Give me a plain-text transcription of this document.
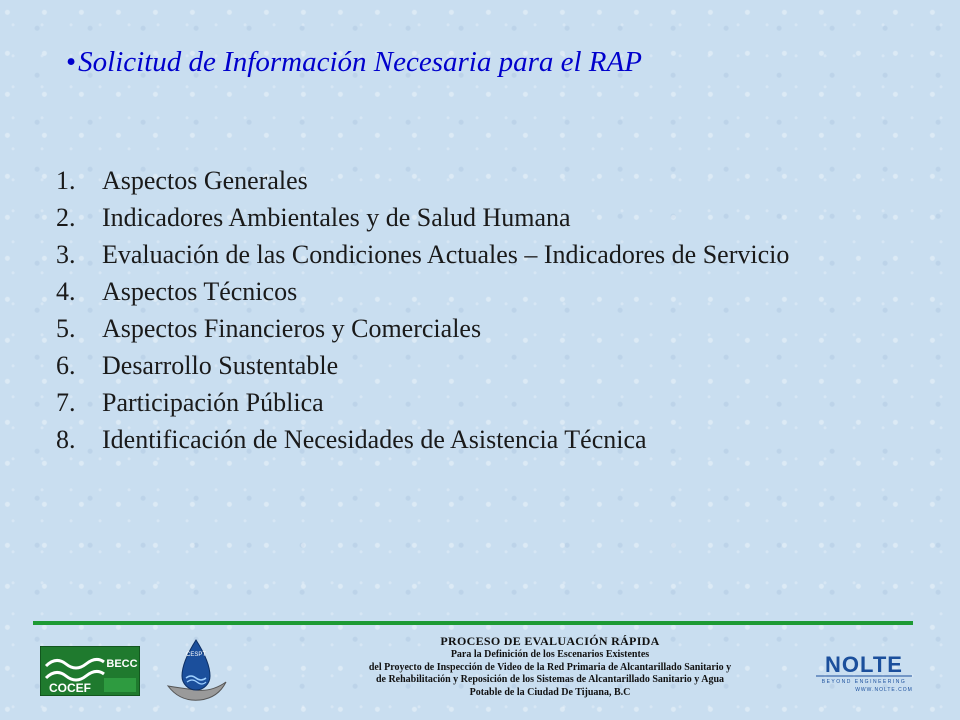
•Solicitud de Información Necesaria para el RAP
1.	Aspectos Generales
2.	Indicadores Ambientales y de Salud Humana
3.	Evaluación de las Condiciones Actuales – Indicadores de Servicio
4.	Aspectos Técnicos
5.	Aspectos Financieros y Comerciales
6.	Desarrollo Sustentable
7.	Participación Pública
8.	Identificación de Necesidades de Asistencia Técnica
BECC
COCEF
CESPT
PROCESO DE EVALUACIÓN RÁPIDA
Para la Definición de los Escenarios Existentes
del Proyecto de Inspección de Video de la Red Primaria de Alcantarillado Sanitario y
de Rehabilitación y Reposición de los Sistemas de Alcantarillado Sanitario y Agua
Potable de la Ciudad De Tijuana, B.C
NOLTE
BEYOND ENGINEERING
WWW.NOLTE.COM
